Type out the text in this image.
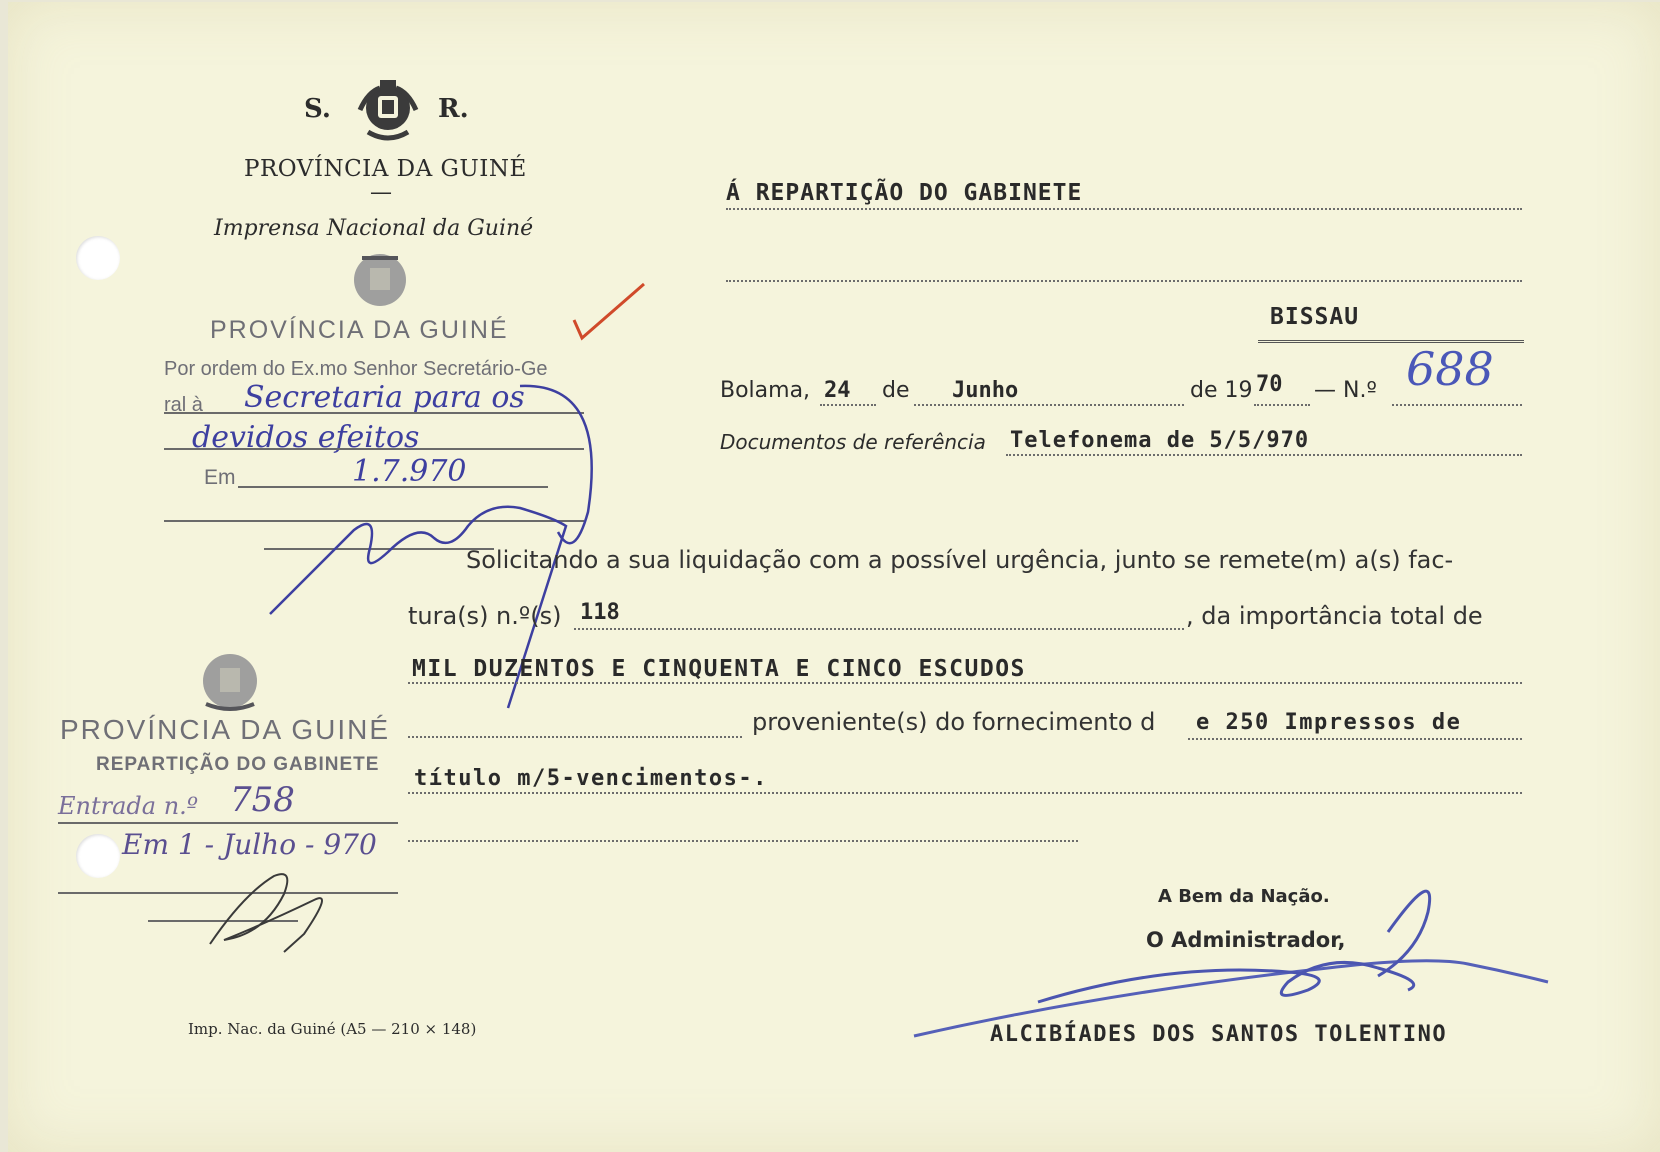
S.	R.
PROVÍNCIA DA GUINÉ
—
Imprensa Nacional da Guiné
PROVÍNCIA DA GUINÉ
Por ordem do Ex.mo Senhor Secretário-Ge
ral à Secretaria para os
devidos efeitos
Em	1.7.970
PROVÍNCIA DA GUINÉ
REPARTIÇÃO DO GABINETE
Entrada n.º 758
Em 1 - Julho - 970
Á REPARTIÇÃO DO GABINETE
BISSAU
Bolama, 24 de Junho	de 19 70 — N.º 688
Documentos de referência Telefonema de 5/5/970
Solicitando a sua liquidação com a possível urgência, junto se remete(m) a(s) fac-
tura(s) n.º(s) 118	, da importância total de
MIL DUZENTOS E CINQUENTA E CINCO ESCUDOS
proveniente(s) do fornecimento d e 250 Impressos de
título m/5-vencimentos-.
A Bem da Nação.
O Administrador,
ALCIBÍADES DOS SANTOS TOLENTINO
Imp. Nac. da Guiné (A5 — 210 × 148)
